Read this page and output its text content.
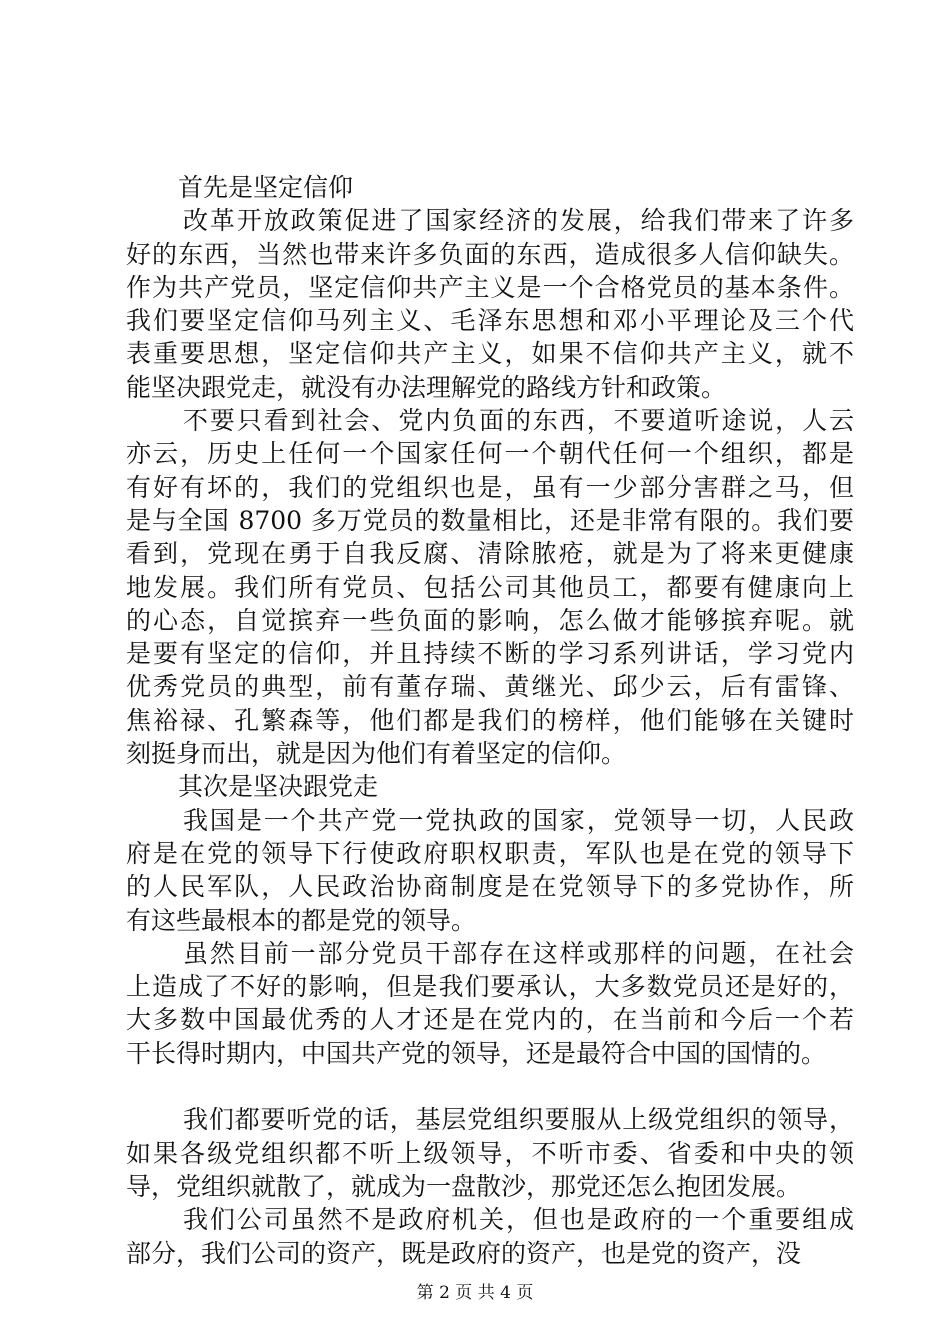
首先是坚定信仰
改革开放政策促进了国家经济的发展，给我们带来了许多
好的东西，当然也带来许多负面的东西，造成很多人信仰缺失。
作为共产党员，坚定信仰共产主义是一个合格党员的基本条件。
我们要坚定信仰马列主义、毛泽东思想和邓小平理论及三个代
表重要思想，坚定信仰共产主义，如果不信仰共产主义，就不
能坚决跟党走，就没有办法理解党的路线方针和政策。
不要只看到社会、党内负面的东西，不要道听途说，人云
亦云，历史上任何一个国家任何一个朝代任何一个组织，都是
有好有坏的，我们的党组织也是，虽有一少部分害群之马，但
是与全国 8700 多万党员的数量相比，还是非常有限的。我们要
看到，党现在勇于自我反腐、清除脓疮，就是为了将来更健康
地发展。我们所有党员、包括公司其他员工，都要有健康向上
的心态，自觉摈弃一些负面的影响，怎么做才能够摈弃呢。就
是要有坚定的信仰，并且持续不断的学习系列讲话，学习党内
优秀党员的典型，前有董存瑞、黄继光、邱少云，后有雷锋、
焦裕禄、孔繁森等，他们都是我们的榜样，他们能够在关键时
刻挺身而出，就是因为他们有着坚定的信仰。
其次是坚决跟党走
我国是一个共产党一党执政的国家，党领导一切，人民政
府是在党的领导下行使政府职权职责，军队也是在党的领导下
的人民军队，人民政治协商制度是在党领导下的多党协作，所
有这些最根本的都是党的领导。
虽然目前一部分党员干部存在这样或那样的问题，在社会
上造成了不好的影响，但是我们要承认，大多数党员还是好的，
大多数中国最优秀的人才还是在党内的，在当前和今后一个若
干长得时期内，中国共产党的领导，还是最符合中国的国情的。
我们都要听党的话，基层党组织要服从上级党组织的领导，
如果各级党组织都不听上级领导，不听市委、省委和中央的领
导，党组织就散了，就成为一盘散沙，那党还怎么抱团发展。
我们公司虽然不是政府机关，但也是政府的一个重要组成
部分，我们公司的资产，既是政府的资产，也是党的资产，没
第 2 页 共 4 页
